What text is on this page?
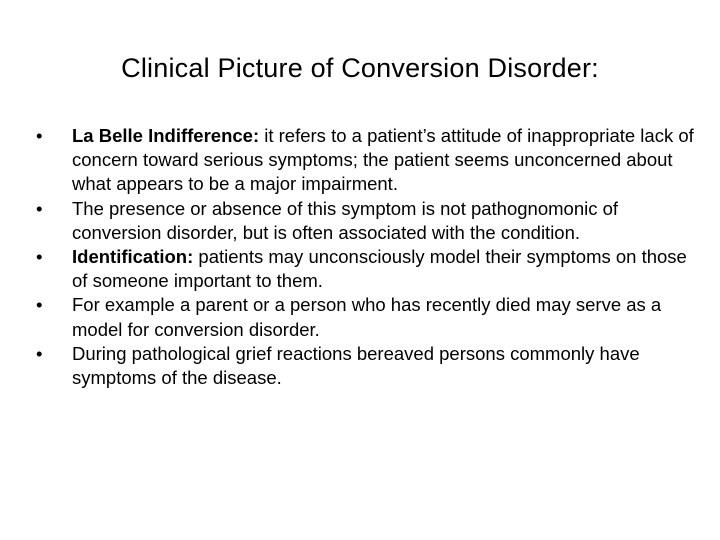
Clinical Picture of Conversion Disorder:
•	La Belle Indifference: it refers to a patient’s attitude of inappropriate lack of concern toward serious symptoms; the patient seems unconcerned about what appears to be a major impairment.
•	The presence or absence of this symptom is not pathognomonic of conversion disorder, but is often associated with the condition.
•	Identification: patients may unconsciously model their symptoms on those of someone important to them.
•	For example a parent or a person who has recently died may serve as a model for conversion disorder.
•	During pathological grief reactions bereaved persons commonly have symptoms of the disease.
